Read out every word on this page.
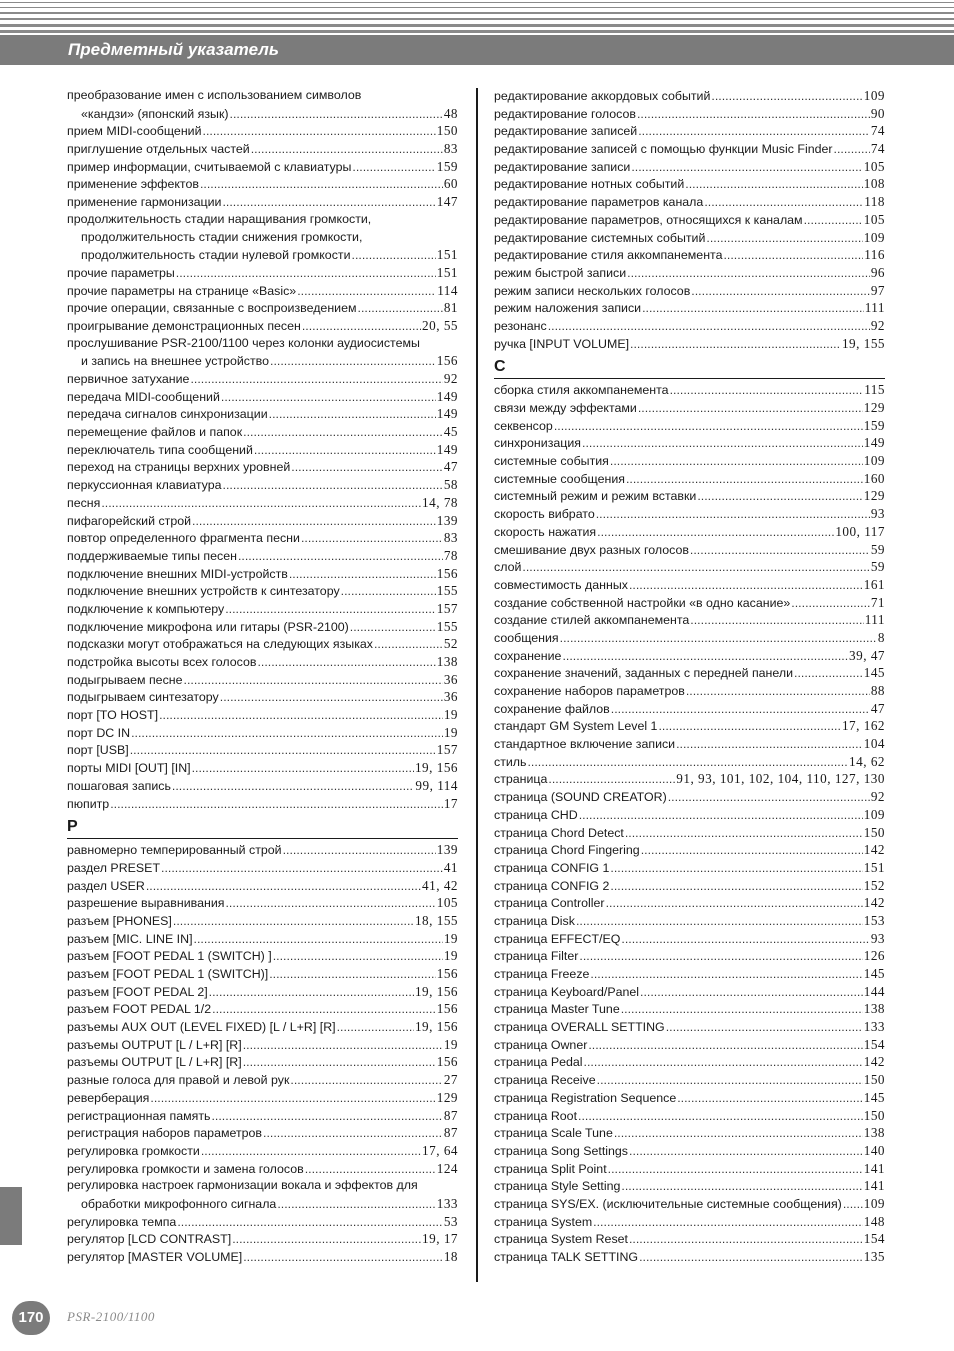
Предметный указатель
преобразование имен с использованием символов
«кандзи» (японский язык) .....	48
прием MIDI-сообщений .....	150
приглушение отдельных частей .....	83
пример информации, считываемой с клавиатуры .....	159
применение эффектов .....	60
применение гармонизации .....	147
продолжительность стадии наращивания громкости,
продолжительность стадии снижения громкости,
продолжительность стадии нулевой громкости .....	151
прочие параметры .....	151
прочие параметры на странице «Basic» .....	114
прочие операции, связанные с воспроизведением .....	81
проигрывание демонстрационных песен .....	20, 55
прослушивание PSR-2100/1100 через колонки аудиосистемы
и запись на внешнее устройство .....	156
первичное затухание .....	92
передача MIDI-сообщений .....	149
передача сигналов синхронизации .....	149
перемещение файлов и папок .....	45
переключатель типа сообщений .....	149
переход на страницы верхних уровней .....	47
перкуссионная клавиатура .....	58
песня .....	14, 78
пифагорейский строй .....	139
повтор определенного фрагмента песни .....	83
поддерживаемые типы песен .....	78
подключение внешних MIDI-устройств .....	156
подключение внешних устройств к синтезатору .....	155
подключение к компьютеру .....	157
подключение микрофона или гитары (PSR-2100) .....	155
подсказки могут отображаться на следующих языках .....	52
подстройка высоты всех голосов .....	138
подыгрываем песне .....	36
подыгрываем синтезатору .....	36
порт [TO HOST] .....	19
порт DC IN .....	19
порт [USB] .....	157
порты MIDI [OUT] [IN] .....	19, 156
пошаговая запись .....	99, 114
пюпитр .....	17
Р
равномерно темперированный строй .....	139
раздел PRESET .....	41
раздел USER .....	41, 42
разрешение выравнивания .....	105
разъем [PHONES] .....	18, 155
разъем [MIC. LINE IN] .....	19
разъем [FOOT PEDAL 1 (SWITCH) ] .....	19
разъем [FOOT PEDAL 1 (SWITCH)] .....	156
разъем [FOOT PEDAL 2] .....	19, 156
разъем FOOT PEDAL 1/2 .....	156
разъемы AUX OUT (LEVEL FIXED) [L / L+R] [R] .....	19, 156
разъемы OUTPUT [L / L+R] [R] .....	19
разъемы OUTPUT [L / L+R] [R] .....	156
разные голоса для правой и левой рук .....	27
реверберация .....	129
регистрационная память .....	87
регистрация наборов параметров .....	87
регулировка громкости .....	17, 64
регулировка громкости и замена голосов .....	124
регулировка настроек гармонизации вокала и эффектов для
обработки микрофонного сигнала .....	133
регулировка темпа .....	53
регулятор [LCD CONTRAST] .....	19, 17
регулятор [MASTER VOLUME] .....	18
редактирование аккордовых событий .....	109
редактирование голосов .....	90
редактирование записей .....	74
редактирование записей с помощью функции Music Finder .....	74
редактирование записи .....	105
редактирование нотных событий .....	108
редактирование параметров канала .....	118
редактирование параметров, относящихся к каналам .....	105
редактирование системных событий .....	109
редактирование стиля аккомпанемента .....	116
режим быстрой записи .....	96
режим записи нескольких голосов .....	97
режим наложения записи .....	111
резонанс .....	92
ручка [INPUT VOLUME] .....	19, 155
С
сборка стиля аккомпанемента .....	115
связи между эффектами .....	129
секвенсор .....	159
синхронизация .....	149
системные события .....	109
системные сообщения .....	160
системный режим и режим вставки .....	129
скорость вибрато .....	93
скорость нажатия .....	100, 117
смешивание двух разных голосов .....	59
слой .....	59
совместимость данных .....	161
создание собственной настройки «в одно касание» .....	71
создание стилей аккомпанемента .....	111
сообщения .....	8
сохранение .....	39, 47
сохранение значений, заданных с передней панели .....	145
сохранение наборов параметров .....	88
сохранение файлов .....	47
стандарт GM System Level 1 .....	17, 162
стандартное включение записи .....	104
стиль .....	14, 62
страница .....	91, 93, 101, 102, 104, 110, 127, 130
страница (SOUND CREATOR) .....	92
страница CHD .....	109
страница Chord Detect .....	150
страница Chord Fingering .....	142
страница CONFIG 1 .....	151
страница CONFIG 2 .....	152
страница Controller .....	142
страница Disk .....	153
страница EFFECT/EQ .....	93
страница Filter .....	126
страница Freeze .....	145
страница Keyboard/Panel .....	144
страница Master Tune .....	138
страница OVERALL SETTING .....	133
страница Owner .....	154
страница Pedal .....	142
страница Receive .....	150
страница Registration Sequence .....	145
страница Root .....	150
страница Scale Tune .....	138
страница Song Settings .....	140
страница Split Point .....	141
страница Style Setting .....	141
страница SYS/EX. (исключительные системные сообщения) ..... 109
страница System .....	148
страница System Reset .....	154
страница TALK SETTING .....	135
170	PSR-2100/1100
